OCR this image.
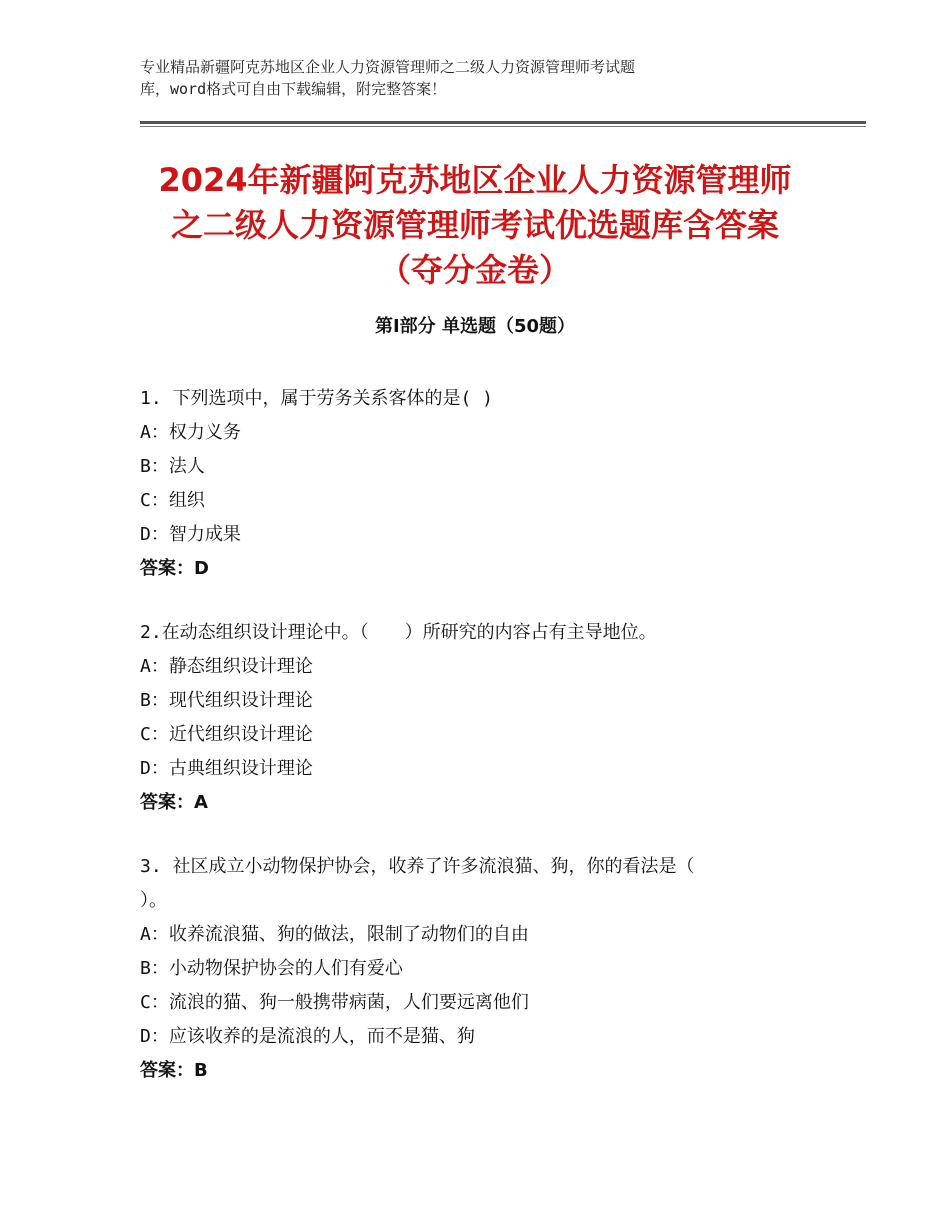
专业精品新疆阿克苏地区企业人力资源管理师之二级人力资源管理师考试题
库，word格式可自由下载编辑，附完整答案！
2024年新疆阿克苏地区企业人力资源管理师
之二级人力资源管理师考试优选题库含答案
（夺分金卷）
第Ⅰ部分 单选题（50题）
1. 下列选项中，属于劳务关系客体的是( )
A：权力义务
B：法人
C：组织
D：智力成果
答案：D
2.在动态组织设计理论中。（　　）所研究的内容占有主导地位。
A：静态组织设计理论
B：现代组织设计理论
C：近代组织设计理论
D：古典组织设计理论
答案：A
3. 社区成立小动物保护协会，收养了许多流浪猫、狗，你的看法是（
）。
A：收养流浪猫、狗的做法，限制了动物们的自由
B：小动物保护协会的人们有爱心
C：流浪的猫、狗一般携带病菌，人们要远离他们
D：应该收养的是流浪的人，而不是猫、狗
答案：B
